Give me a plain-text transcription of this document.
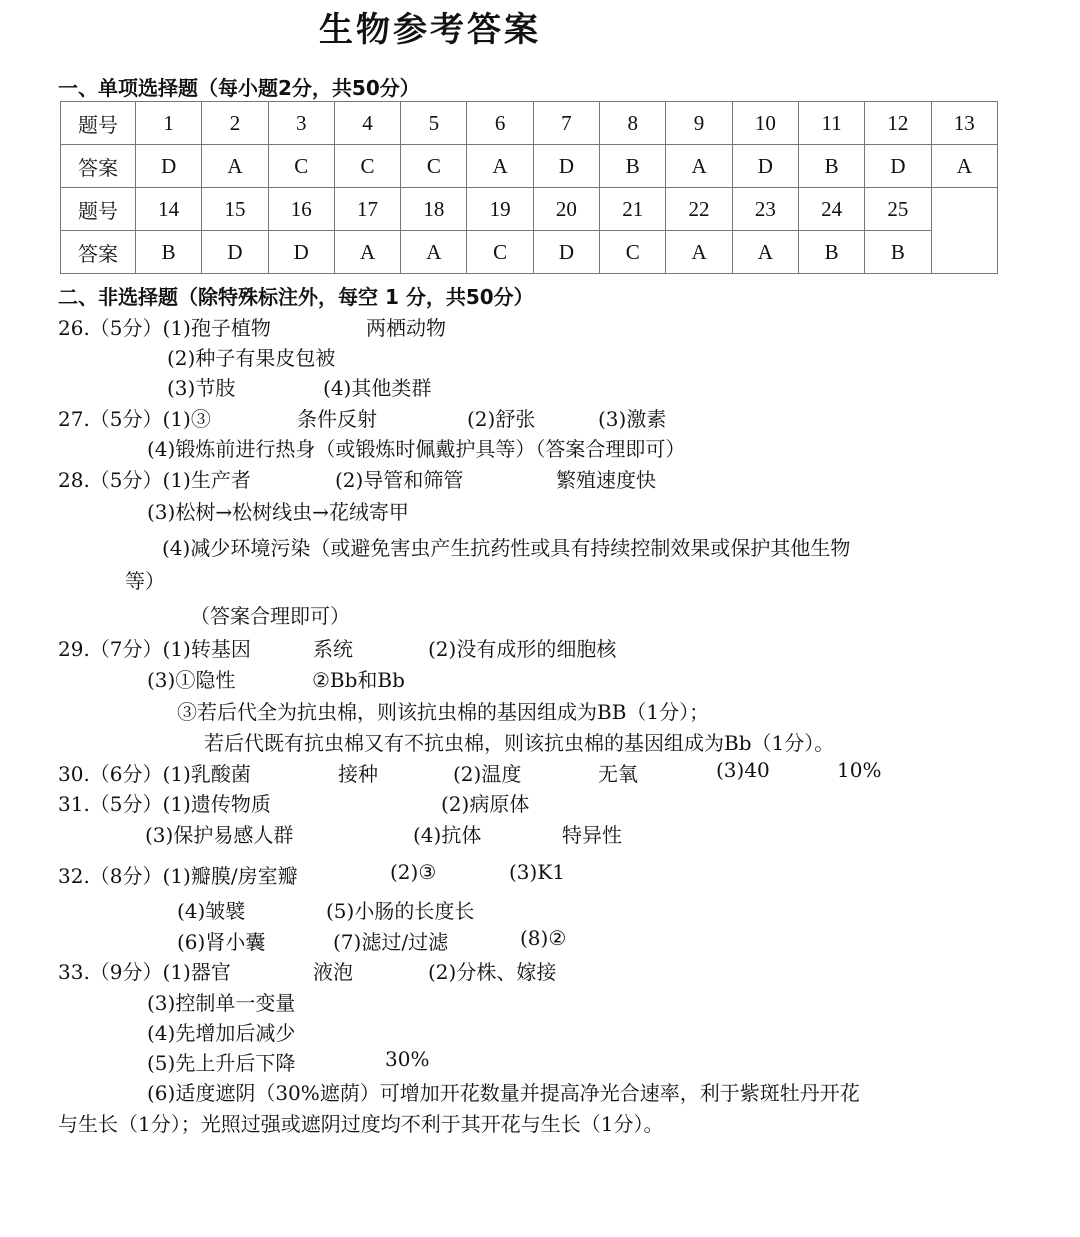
生物参考答案
一、单项选择题（每小题2分，共50分）
题号	1	2	3	4	5	6	7	8	9	10	11	12	13
答案	D	A	C	C	C	A	D	B	A	D	B	D	A
题号	14	15	16	17	18	19	20	21	22	23	24	25	
答案	B	D	D	A	A	C	D	C	A	A	B	B	
二、非选择题（除特殊标注外，每空 1 分，共50分）
26.（5分）(1)孢子植物	两栖动物
(2)种子有果皮包被
(3)节肢	(4)其他类群
27.（5分）(1)③	条件反射	(2)舒张	(3)激素
(4)锻炼前进行热身（或锻炼时佩戴护具等）（答案合理即可）
28.（5分）(1)生产者	(2)导管和筛管	繁殖速度快
(3)松树→松树线虫→花绒寄甲
(4)减少环境污染（或避免害虫产生抗药性或具有持续控制效果或保护其他生物
等）
（答案合理即可）
29.（7分）(1)转基因	系统	(2)没有成形的细胞核
(3)①隐性	②Bb和Bb
③若后代全为抗虫棉，则该抗虫棉的基因组成为BB（1分）；
若后代既有抗虫棉又有不抗虫棉，则该抗虫棉的基因组成为Bb（1分）。
30.（6分）(1)乳酸菌	接种	(2)温度	无氧	(3)40	10%
31.（5分）(1)遗传物质	(2)病原体
(3)保护易感人群	(4)抗体	特异性
32.（8分）(1)瓣膜/房室瓣	(2)③	(3)K1
(4)皱襞	(5)小肠的长度长
(6)肾小囊	(7)滤过/过滤	(8)②
33.（9分）(1)器官	液泡	(2)分株、嫁接
(3)控制单一变量
(4)先增加后减少
(5)先上升后下降	30%
(6)适度遮阴（30%遮荫）可增加开花数量并提高净光合速率，利于紫斑牡丹开花
与生长（1分）；光照过强或遮阴过度均不利于其开花与生长（1分）。
